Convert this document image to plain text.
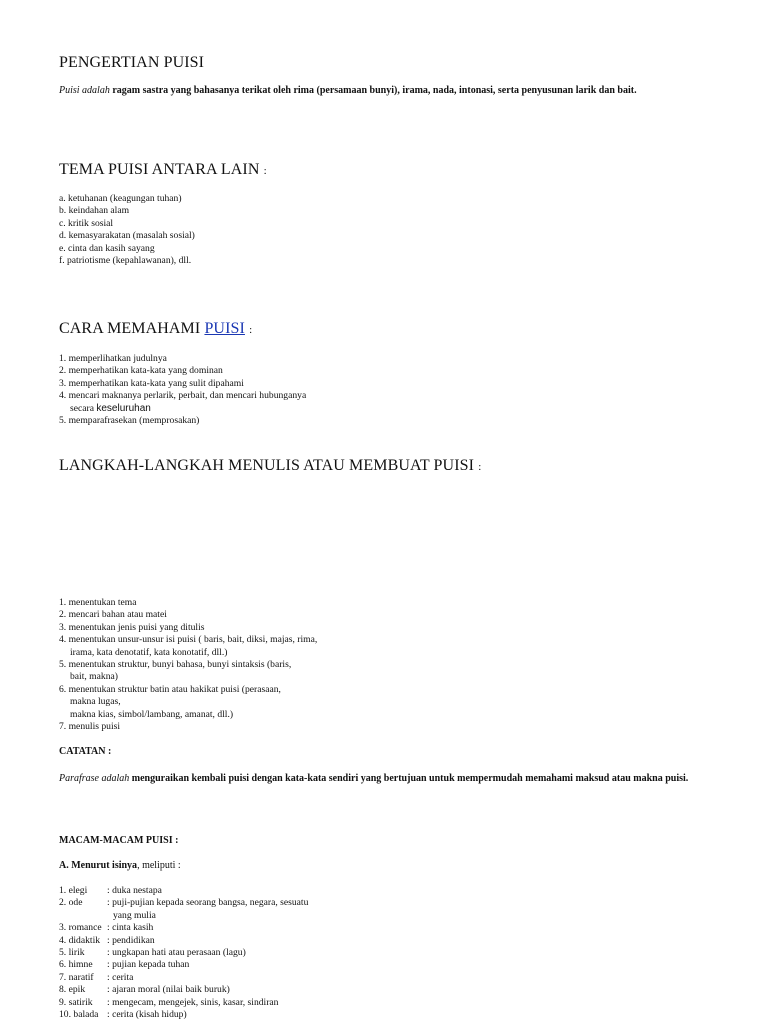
PENGERTIAN PUISI
Puisi adalah ragam sastra yang bahasanya terikat oleh rima (persamaan bunyi), irama, nada, intonasi, serta penyusunan larik dan bait.
TEMA PUISI ANTARA LAIN :
a. ketuhanan (keagungan tuhan)
b. keindahan alam
c. kritik sosial
d. kemasyarakatan (masalah sosial)
e. cinta dan kasih sayang
f. patriotisme (kepahlawanan), dll.
CARA MEMAHAMI PUISI :
1. memperlihatkan judulnya
2. memperhatikan kata-kata yang dominan
3. memperhatikan kata-kata yang sulit dipahami
4. mencari maknanya perlarik, perbait, dan mencari hubunganya
secara keseluruhan
5. memparafrasekan (memprosakan)
LANGKAH-LANGKAH MENULIS ATAU MEMBUAT PUISI :
1. menentukan tema
2. mencari bahan atau matei
3. menentukan jenis puisi yang ditulis
4. menentukan unsur-unsur isi puisi ( baris, bait, diksi, majas, rima,
irama, kata denotatif, kata konotatif, dll.)
5. menentukan struktur, bunyi bahasa, bunyi sintaksis (baris,
bait, makna)
6. menentukan struktur batin atau hakikat puisi (perasaan,
makna lugas,
makna kias, simbol/lambang, amanat, dll.)
7. menulis puisi
CATATAN :
Parafrase adalah menguraikan kembali puisi dengan kata-kata sendiri yang bertujuan untuk mempermudah memahami maksud atau makna puisi.
MACAM-MACAM PUISI :
A. Menurut isinya, meliputi :
1. elegi	: duka nestapa
2. ode	: puji-pujian kepada seorang bangsa, negara, sesuatu
yang mulia
3. romance : cinta kasih
4. didaktik : pendidikan
5. lirik	: ungkapan hati atau perasaan (lagu)
6. himne	: pujian kepada tuhan
7. naratif	: cerita
8. epik	: ajaran moral (nilai baik buruk)
9. satirik	: mengecam, mengejek, sinis, kasar, sindiran
10. balada : cerita (kisah hidup)
